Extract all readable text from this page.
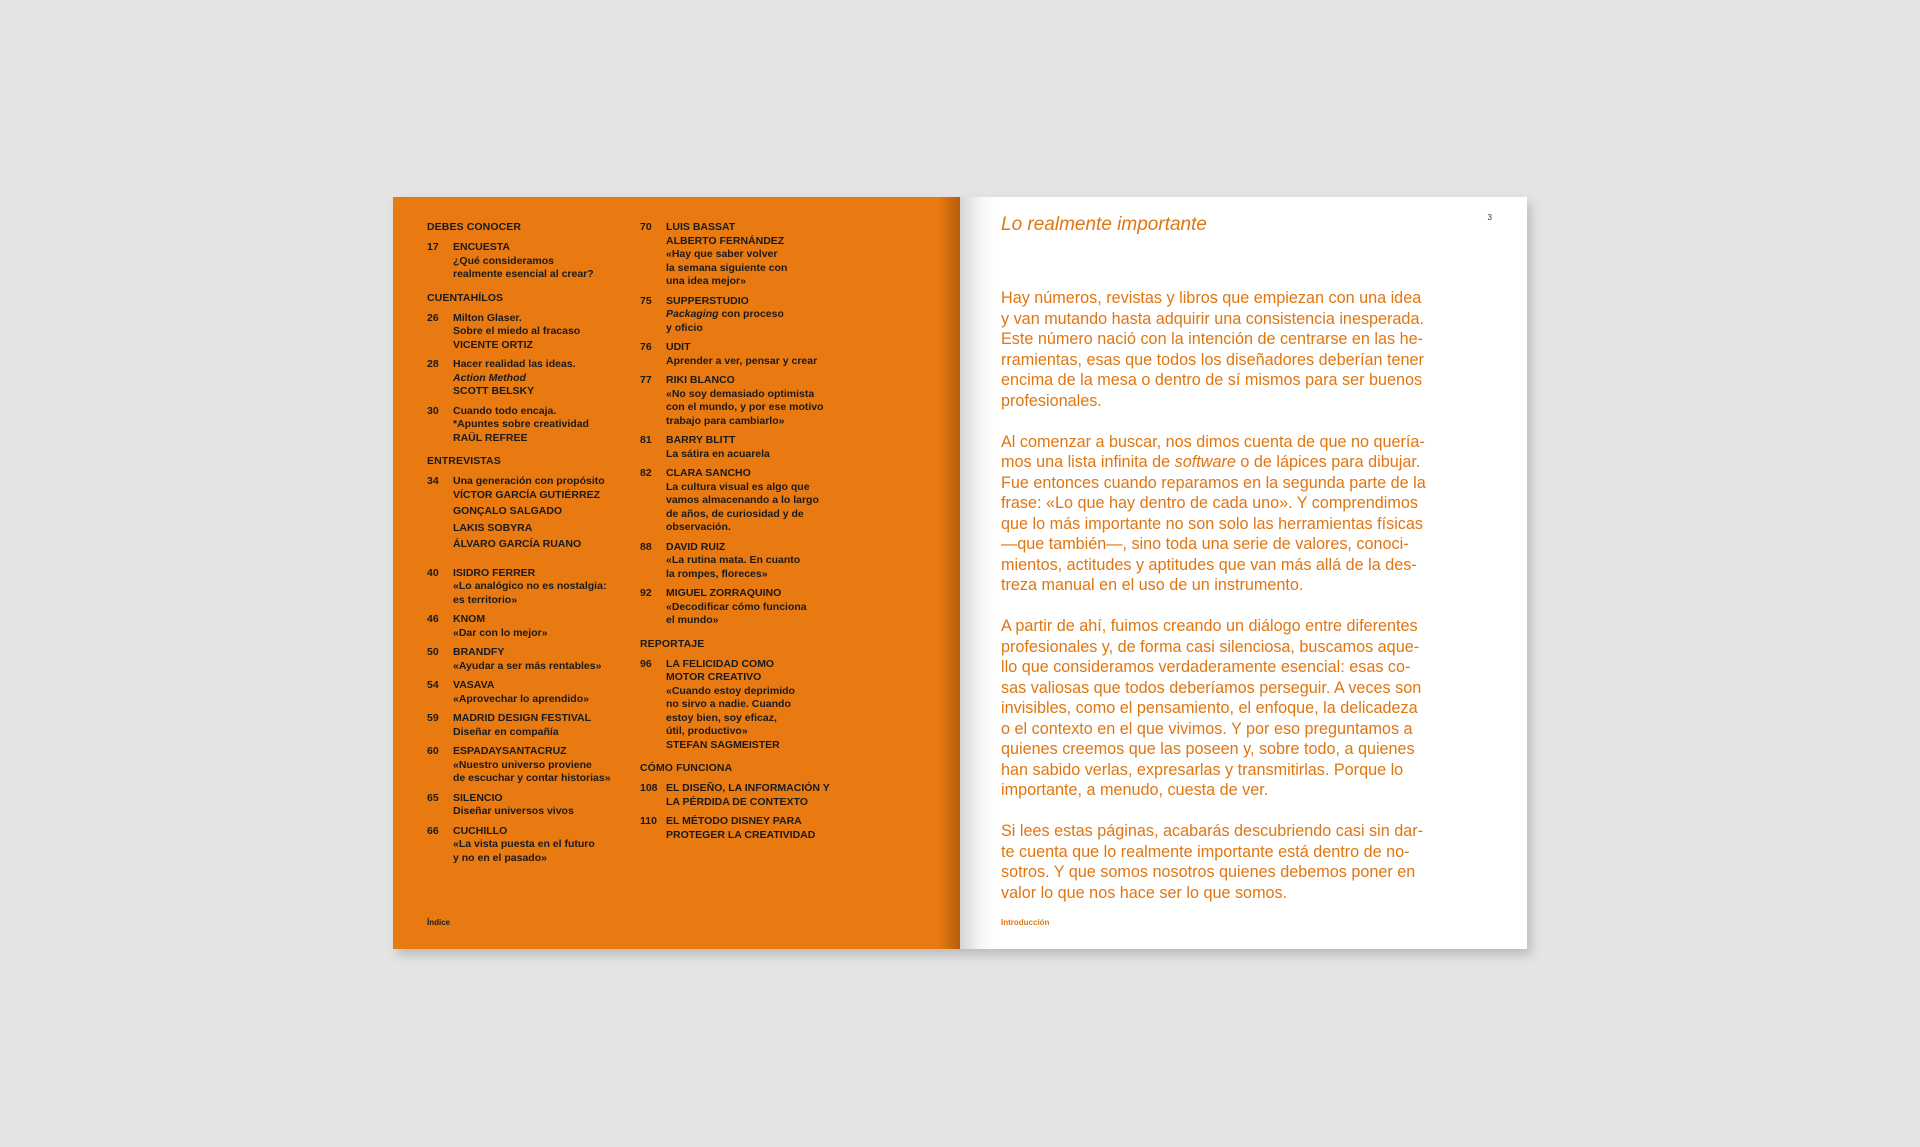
DEBES CONOCER
17	ENCUESTA
¿Qué consideramos
realmente esencial al crear?
CUENTAHÍLOS
26	Milton Glaser.
Sobre el miedo al fracaso
VICENTE ORTIZ
28	Hacer realidad las ideas.
Action Method
SCOTT BELSKY
30	Cuando todo encaja.
*Apuntes sobre creatividad
RAÜL REFREE
ENTREVISTAS
34	Una generación con propósito
VÍCTOR GARCÍA GUTIÉRREZ
GONÇALO SALGADO
LAKIS SOBYRA
ÁLVARO GARCÍA RUANO
40	ISIDRO FERRER
«Lo analógico no es nostalgia:
es territorio»
46	KNOM
«Dar con lo mejor»
50	BRANDFY
«Ayudar a ser más rentables»
54	VASAVA
«Aprovechar lo aprendido»
59	MADRID DESIGN FESTIVAL
Diseñar en compañía
60	ESPADAYSANTACRUZ
«Nuestro universo proviene
de escuchar y contar historias»
65	SILENCIO
Diseñar universos vivos
66	CUCHILLO
«La vista puesta en el futuro
y no en el pasado»
70	LUIS BASSAT
ALBERTO FERNÁNDEZ
«Hay que saber volver
la semana siguiente con
una idea mejor»
75	SUPPERSTUDIO
Packaging con proceso
y oficio
76	UDIT
Aprender a ver, pensar y crear
77	RIKI BLANCO
«No soy demasiado optimista
con el mundo, y por ese motivo
trabajo para cambiarlo»
81	BARRY BLITT
La sátira en acuarela
82	CLARA SANCHO
La cultura visual es algo que
vamos almacenando a lo largo
de años, de curiosidad y de
observación.
88	DAVID RUIZ
«La rutina mata. En cuanto
la rompes, floreces»
92	MIGUEL ZORRAQUINO
«Decodificar cómo funciona
el mundo»
REPORTAJE
96	LA FELICIDAD COMO
MOTOR CREATIVO
«Cuando estoy deprimido
no sirvo a nadie. Cuando
estoy bien, soy eficaz,
útil, productivo»
STEFAN SAGMEISTER
CÓMO FUNCIONA
108 EL DISEÑO, LA INFORMACIÓN Y
LA PÉRDIDA DE CONTEXTO
110 EL MÉTODO DISNEY PARA
PROTEGER LA CREATIVIDAD
Índice
Lo realmente importante	3

Hay números, revistas y libros que empiezan con una idea
y van mutando hasta adquirir una consistencia inesperada.
Este número nació con la intención de centrarse en las he-
rramientas, esas que todos los diseñadores deberían tener
encima de la mesa o dentro de sí mismos para ser buenos
profesionales.

Al comenzar a buscar, nos dimos cuenta de que no quería-
mos una lista infinita de software o de lápices para dibujar.
Fue entonces cuando reparamos en la segunda parte de la
frase: «Lo que hay dentro de cada uno». Y comprendimos
que lo más importante no son solo las herramientas físicas
—que también—, sino toda una serie de valores, conoci-
mientos, actitudes y aptitudes que van más allá de la des-
treza manual en el uso de un instrumento.

A partir de ahí, fuimos creando un diálogo entre diferentes
profesionales y, de forma casi silenciosa, buscamos aque-
llo que consideramos verdaderamente esencial: esas co-
sas valiosas que todos deberíamos perseguir. A veces son
invisibles, como el pensamiento, el enfoque, la delicadeza
o el contexto en el que vivimos. Y por eso preguntamos a
quienes creemos que las poseen y, sobre todo, a quienes
han sabido verlas, expresarlas y transmitirlas. Porque lo
importante, a menudo, cuesta de ver.

Si lees estas páginas, acabarás descubriendo casi sin dar-
te cuenta que lo realmente importante está dentro de no-
sotros. Y que somos nosotros quienes debemos poner en
valor lo que nos hace ser lo que somos.

Introducción
